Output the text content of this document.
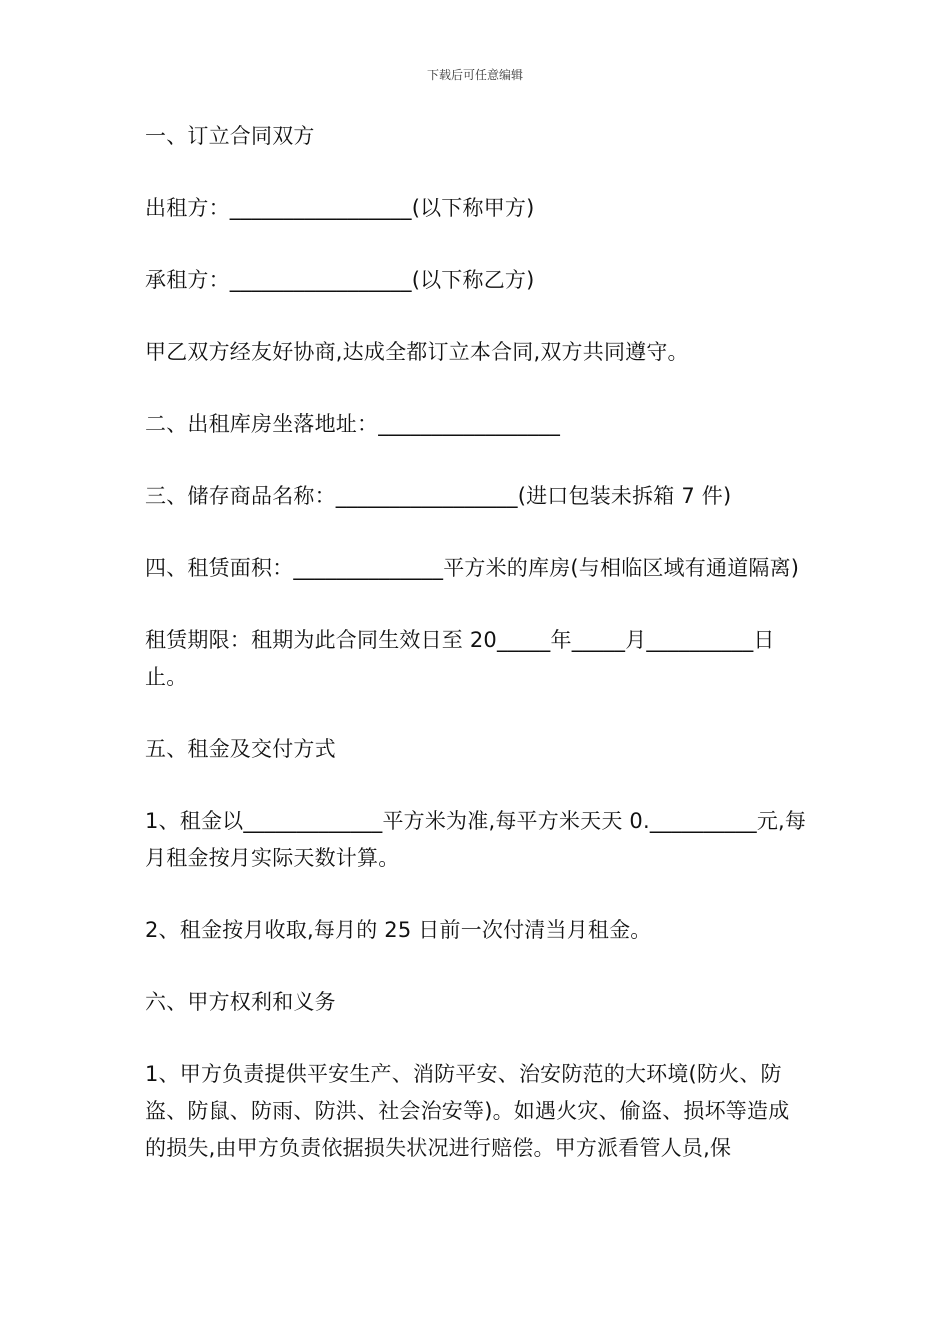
下载后可任意编辑

一、订立合同双方

出租方：_________________(以下称甲方)

承租方：_________________(以下称乙方)

甲乙双方经友好协商,达成全都订立本合同,双方共同遵守。

二、出租库房坐落地址：_________________

三、储存商品名称：_________________(进口包装未拆箱 7 件)

四、租赁面积：______________平方米的库房(与相临区域有通道隔离)

租赁期限：租期为此合同生效日至 20_____年_____月__________日止。

五、租金及交付方式

1、租金以_____________平方米为准,每平方米天天 0.__________元,每月租金按月实际天数计算。

2、租金按月收取,每月的 25 日前一次付清当月租金。

六、甲方权利和义务

1、甲方负责提供平安生产、消防平安、治安防范的大环境(防火、防盗、防鼠、防雨、防洪、社会治安等)。如遇火灾、偷盗、损坏等造成的损失,由甲方负责依据损失状况进行赔偿。甲方派看管人员,保
